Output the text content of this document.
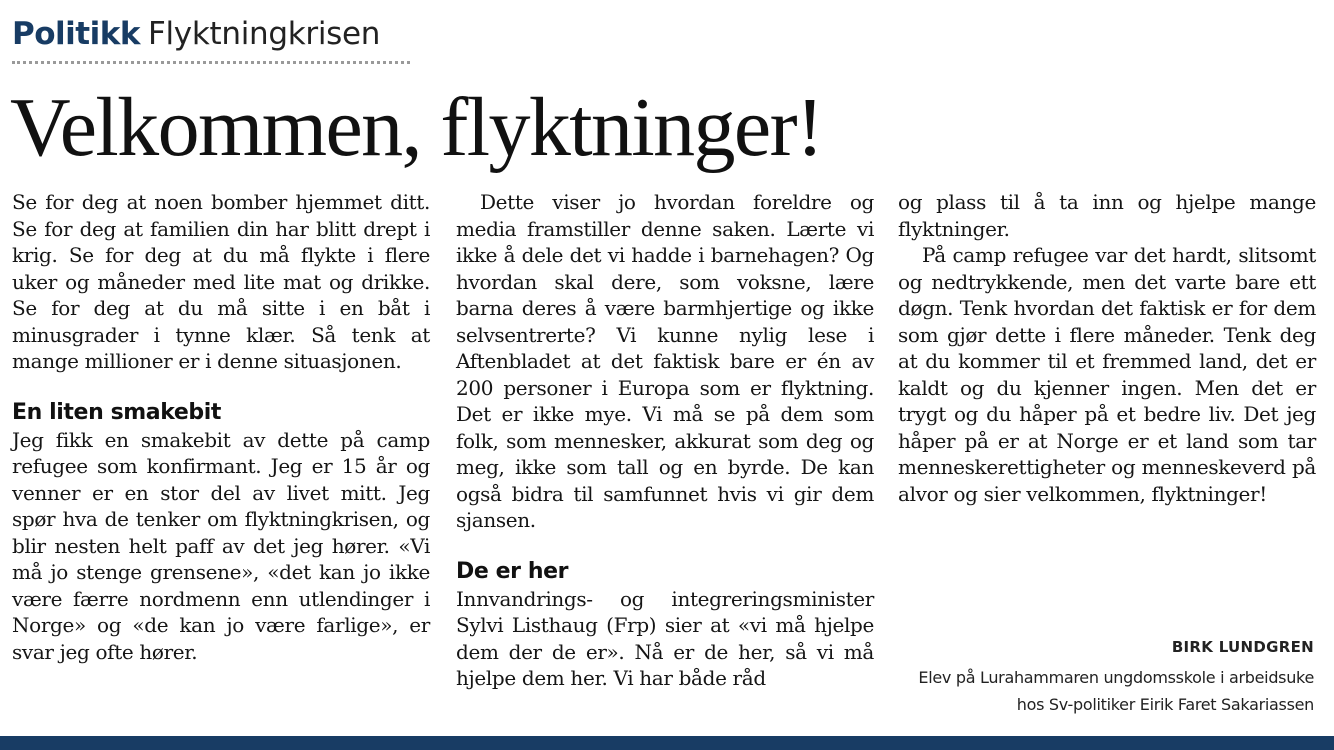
Politikk Flyktningkrisen
Velkommen, flyktninger!

Se for deg at noen bomber hjemmet ditt. Se for deg at familien din har blitt drept i krig. Se for deg at du må flykte i flere uker og måneder med lite mat og drikke. Se for deg at du må sitte i en båt i minusgrader i tynne klær. Så tenk at mange millioner er i denne situasjonen.

En liten smakebit

Jeg fikk en smakebit av dette på camp refugee som konfirmant. Jeg er 15 år og venner er en stor del av livet mitt. Jeg spør hva de tenker om flyktningkrisen, og blir nesten helt paff av det jeg hører. «Vi må jo stenge grensene», «det kan jo ikke være færre nordmenn enn utlendinger i Norge» og «de kan jo være farlige», er svar jeg ofte hører.

Dette viser jo hvordan foreldre og media framstiller denne saken. Lærte vi ikke å dele det vi hadde i barnehagen? Og hvordan skal dere, som voksne, lære barna deres å være barmhjertige og ikke selvsentrerte? Vi kunne nylig lese i Aftenbladet at det faktisk bare er én av 200 personer i Europa som er flyktning. Det er ikke mye. Vi må se på dem som folk, som mennesker, akkurat som deg og meg, ikke som tall og en byrde. De kan også bidra til samfunnet hvis vi gir dem sjansen.

De er her

Innvandrings- og integreringsminister Sylvi Listhaug (Frp) sier at «vi må hjelpe dem der de er». Nå er de her, så vi må hjelpe dem her. Vi har både råd

og plass til å ta inn og hjelpe mange flyktninger.

På camp refugee var det hardt, slitsomt og nedtrykkende, men det varte bare ett døgn. Tenk hvordan det faktisk er for dem som gjør dette i flere måneder. Tenk deg at du kommer til et fremmed land, det er kaldt og du kjenner ingen. Men det er trygt og du håper på et bedre liv. Det jeg håper på er at Norge er et land som tar menneskerettigheter og menneskeverd på alvor og sier velkommen, flyktninger!

BIRK LUNDGREN
Elev på Lurahammaren ungdomsskole i arbeidsuke
hos Sv-politiker Eirik Faret Sakariassen
